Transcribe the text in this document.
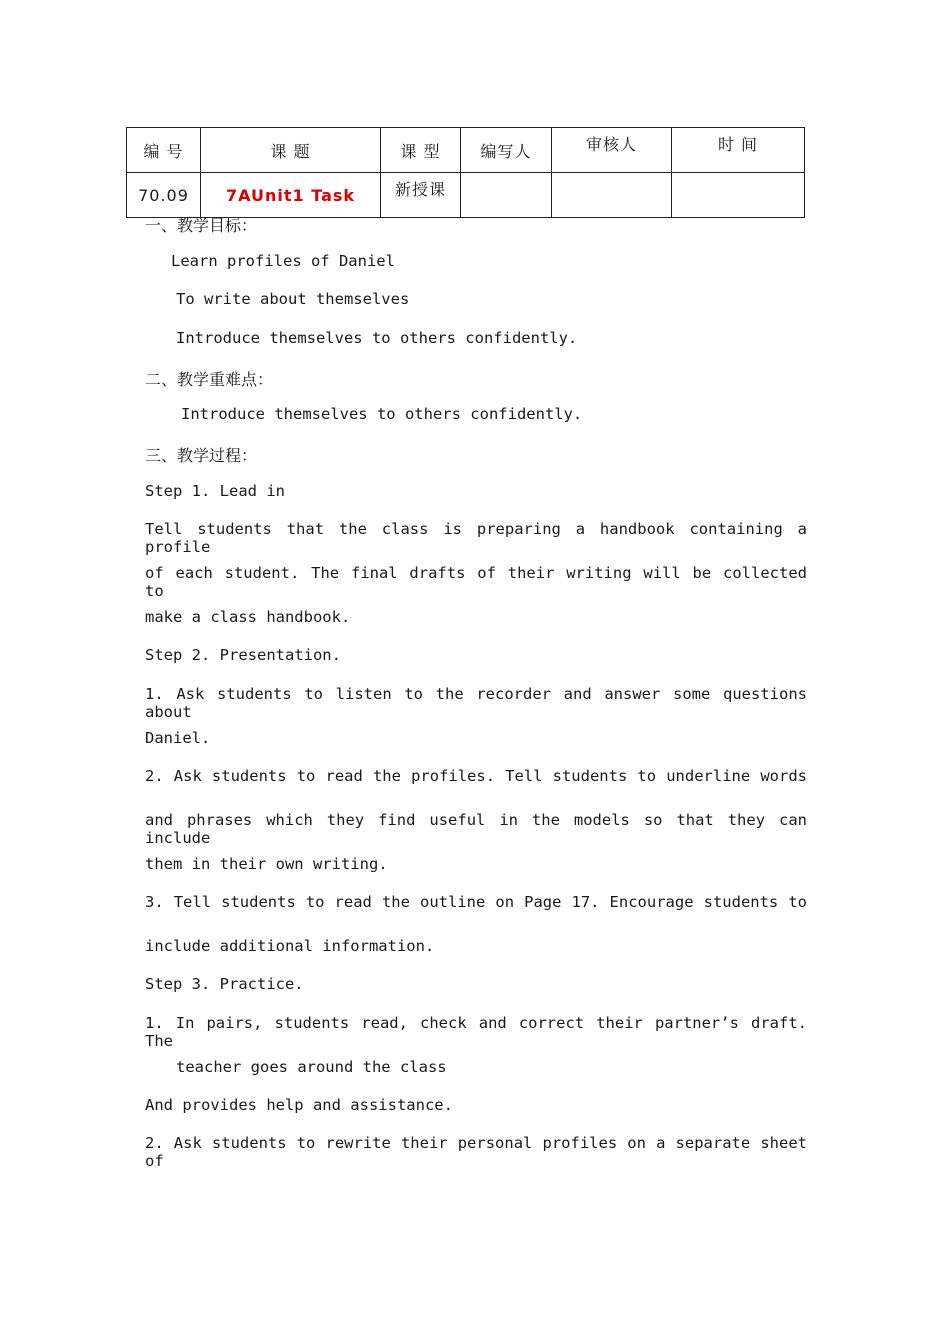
编 号	课 题	课 型	编写人	审核人	时 间
70.09	7AUnit1 Task	新授课			
一、教学目标：
Learn profiles of Daniel
To write about themselves
Introduce themselves to others confidently.
二、教学重难点：
Introduce themselves to others confidently.
三、教学过程：
Step 1. Lead in
Tell students that the class is preparing a handbook containing a profile
of each student. The final drafts of their writing will be collected to
make a class handbook.
Step 2. Presentation.
1. Ask students to listen to the recorder and answer some questions about
Daniel.
2. Ask students to read the profiles. Tell students to underline words
and phrases which they find useful in the models so that they can include
them in their own writing.
3. Tell students to read the outline on Page 17. Encourage students to
include additional information.
Step 3. Practice.
1. In pairs, students read, check and correct their partner’s draft. The
teacher goes around the class
And provides help and assistance.
2. Ask students to rewrite their personal profiles on a separate sheet of
